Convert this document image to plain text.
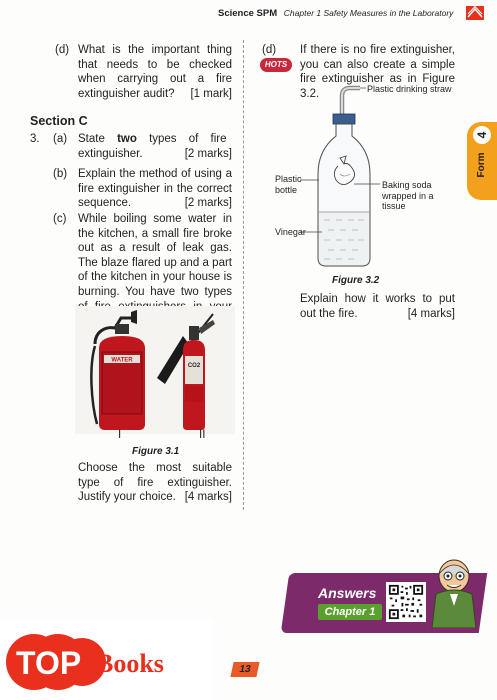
Science SPM Chapter 1 Safety Measures in the Laboratory
(d) What is the important thing that needs to be checked when carrying out a fire extinguisher audit? [1 mark]
Section C
3. (a) State two types of fire extinguisher.	[2 marks]
(b) Explain the method of using a fire extinguisher in the correct sequence.	[2 marks]
(c) While boiling some water in the kitchen, a small fire broke out as a result of leak gas. The blaze flared up and a part of the kitchen in your house is burning. You have two types
WATER
CO2
I	II
Figure 3.1
Choose the most suitable type of fire extinguisher. Justify your choice. [4 marks]
(d)
HOTS
If there is no fire extinguisher, you can also create a simple fire extinguisher as in Figure 3.2.	Plastic drinking straw
Plastic bottle	Baking soda wrapped in a tissue
Vinegar
Figure 3.2
Explain how it works to put out the fire.	[4 marks]
4
Form
Answers
Chapter 1
TOP Books	13
